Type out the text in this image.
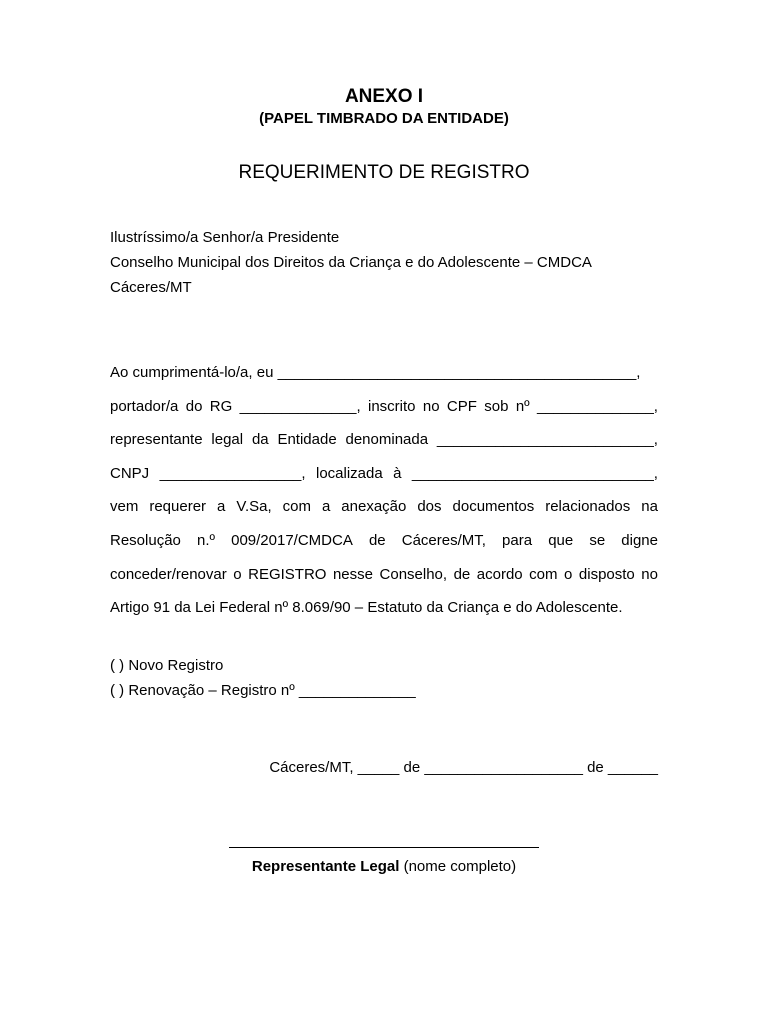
ANEXO I
(PAPEL TIMBRADO DA ENTIDADE)
REQUERIMENTO DE REGISTRO
Ilustríssimo/a Senhor/a Presidente
Conselho Municipal dos Direitos da Criança e do Adolescente – CMDCA
Cáceres/MT
Ao cumprimentá-lo/a, eu ___________________________________________,
portador/a do RG ______________, inscrito no CPF sob nº ______________,
representante legal da Entidade denominada __________________________,
CNPJ _________________, localizada à _____________________________,
vem requerer a V.Sa, com a anexação dos documentos relacionados na
Resolução n.º 009/2017/CMDCA de Cáceres/MT, para que se digne
conceder/renovar o REGISTRO nesse Conselho, de acordo com o disposto no
Artigo 91 da Lei Federal nº 8.069/90 – Estatuto da Criança e do Adolescente.
( ) Novo Registro
( ) Renovação – Registro nº ______________
Cáceres/MT, _____ de ___________________ de ______
Representante Legal (nome completo)
